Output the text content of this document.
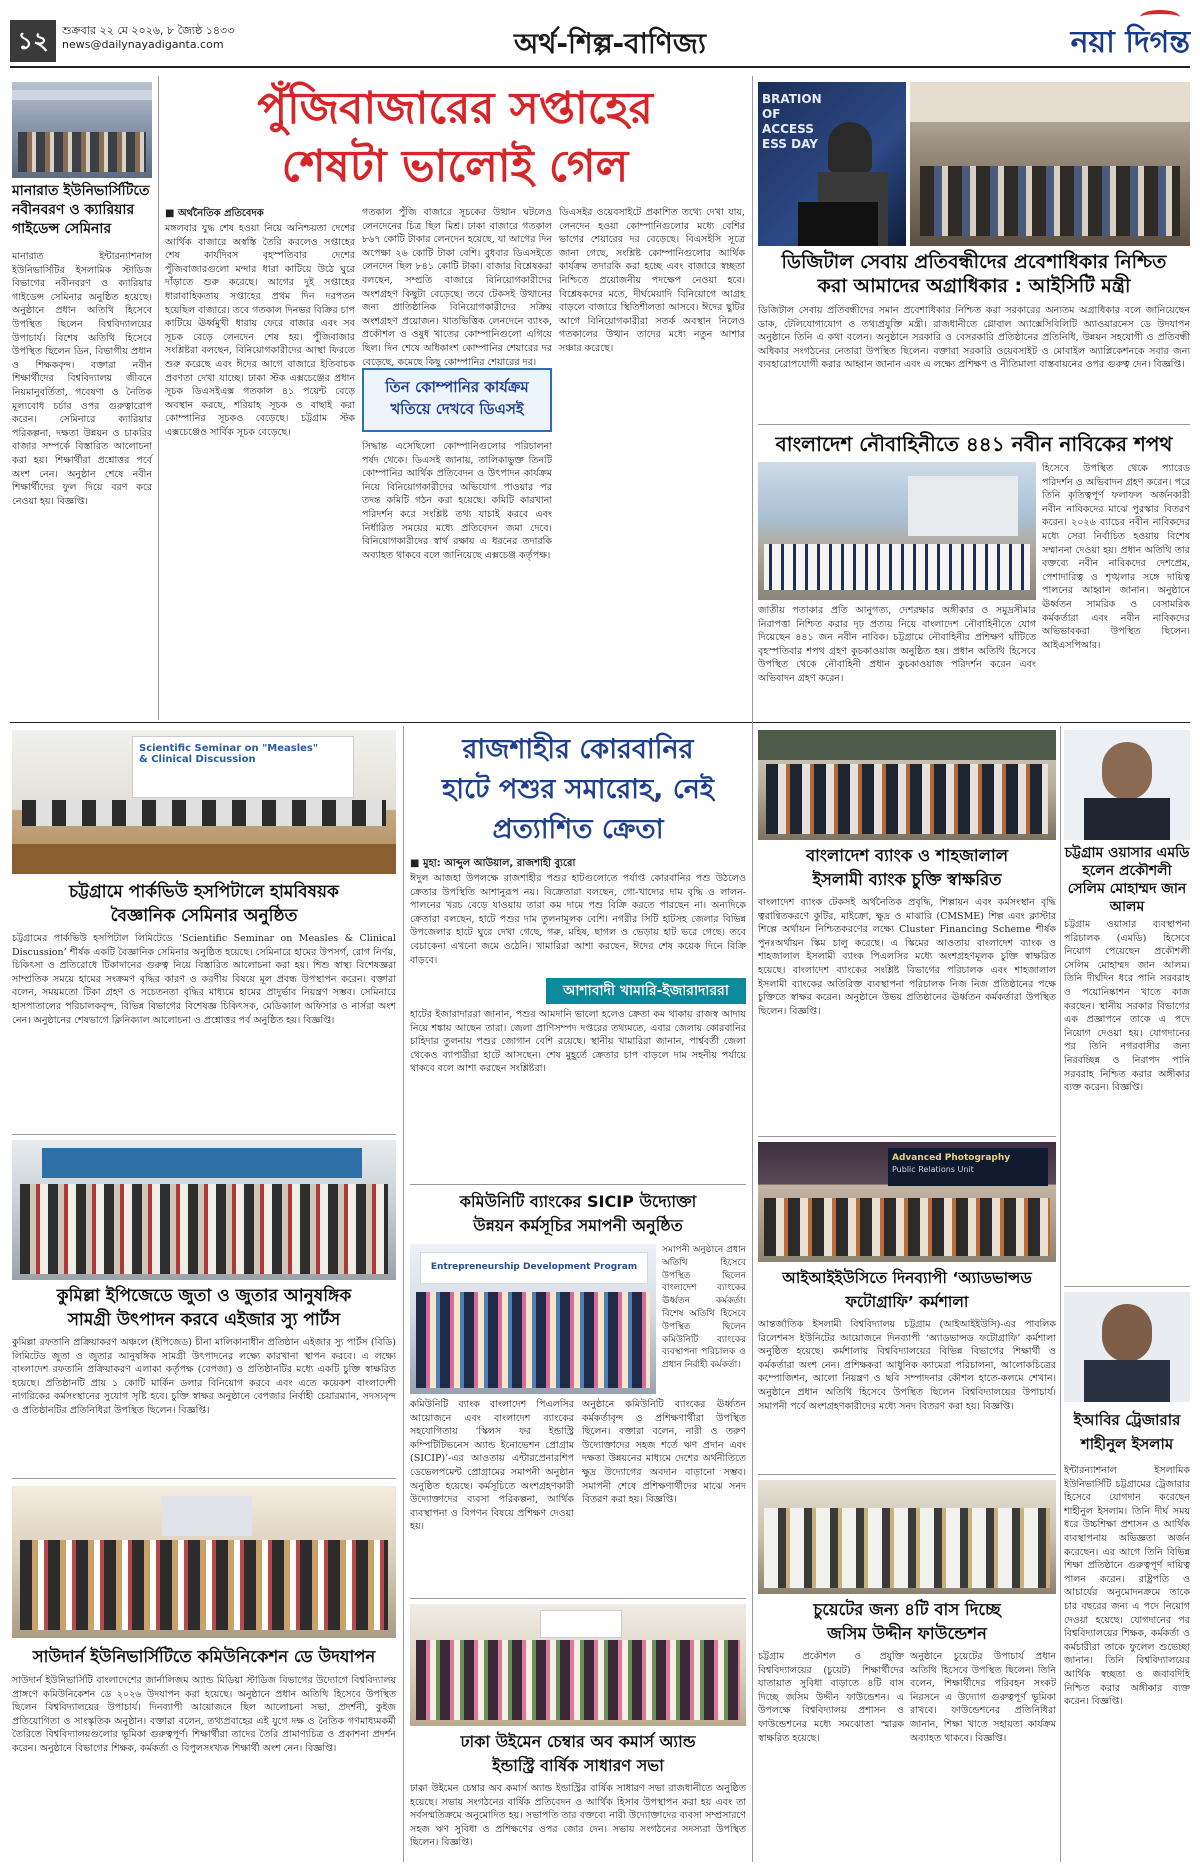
১২	শুক্রবার ২২ মে ২০২৬, ৮ জ্যৈষ্ঠ ১৪৩৩
news@dailynayadiganta.com	অর্থ-শিল্প-বাণিজ্য	নয়া দিগন্ত
মানারাত ইউনিভার্সিটিতে নবীনবরণ ও ক্যারিয়ার গাইডেন্স সেমিনার
মানারাত ইন্টারন্যাশনাল ইউনিভার্সিটির ইসলামিক স্টাডিজ বিভাগের নবীনবরণ ও ক্যারিয়ার গাইডেন্স সেমিনার অনুষ্ঠিত হয়েছে। অনুষ্ঠানে প্রধান অতিথি হিসেবে উপস্থিত ছিলেন বিশ্ববিদ্যালয়ের উপাচার্য। বিশেষ অতিথি হিসেবে উপস্থিত ছিলেন ডিন, বিভাগীয় প্রধান ও শিক্ষকবৃন্দ। বক্তারা নবীন শিক্ষার্থীদের বিশ্ববিদ্যালয় জীবনে নিয়মানুবর্তিতা, গবেষণা ও নৈতিক মূল্যবোধ চর্চার ওপর গুরুত্বারোপ করেন। সেমিনারে ক্যারিয়ার পরিকল্পনা, দক্ষতা উন্নয়ন ও চাকরির বাজার সম্পর্কে বিস্তারিত আলোচনা করা হয়। শিক্ষার্থীরা প্রশ্নোত্তর পর্বে অংশ নেন। অনুষ্ঠান শেষে নবীন শিক্ষার্থীদের ফুল দিয়ে বরণ করে নেওয়া হয়। বিজ্ঞপ্তি।
পুঁজিবাজারের সপ্তাহের
শেষটা ভালোই গেল
■ অর্থনৈতিক প্রতিবেদক
মঙ্গলবার যুদ্ধ শেষ হওয়া নিয়ে অনিশ্চয়তা দেশের আর্থিক বাজারে অস্বস্তি তৈরি করলেও সপ্তাহের শেষ কার্যদিবস বৃহস্পতিবার দেশের পুঁজিবাজারগুলো মন্দার ধারা কাটিয়ে উঠে ঘুরে দাঁড়াতে শুরু করেছে। আগের দুই সপ্তাহের ধারাবাহিকতায় সপ্তাহের প্রথম দিন দরপতন হয়েছিল বাজারে। তবে গতকাল দিনভর বিক্রির চাপ কাটিয়ে ঊর্ধ্বমুখী ধারায় ফেরে বাজার এবং সব সূচক বেড়ে লেনদেন শেষ হয়। পুঁজিবাজার সংশ্লিষ্টরা বলছেন, বিনিয়োগকারীদের আস্থা ফিরতে শুরু করেছে এবং ঈদের আগে বাজারে ইতিবাচক প্রবণতা দেখা যাচ্ছে। ঢাকা স্টক এক্সচেঞ্জের প্রধান সূচক ডিএসইএক্স গতকাল ৪১ পয়েন্ট বেড়ে অবস্থান করছে, শরিয়াহ সূচক ও বাছাই করা কোম্পানির সূচকও বেড়েছে। চট্টগ্রাম স্টক এক্সচেঞ্জেও সার্বিক সূচক বেড়েছে।
গতকাল পুঁজি বাজারে সূচকের উত্থান ঘটলেও লেনদেনের চিত্র ছিল মিশ্র। ঢাকা বাজারে গতকাল ৮৬৭ কোটি টাকার লেনদেন হয়েছে, যা আগের দিন অপেক্ষা ২৬ কোটি টাকা বেশি। বুধবার ডিএসইতে লেনদেন ছিল ৮৪১ কোটি টাকা। বাজার বিশ্লেষকরা বলছেন, সম্প্রতি বাজারে বিনিয়োগকারীদের অংশগ্রহণ কিছুটা বেড়েছে। তবে টেকসই উত্থানের জন্য প্রাতিষ্ঠানিক বিনিয়োগকারীদের সক্রিয় অংশগ্রহণ প্রয়োজন। খাতভিত্তিক লেনদেনে ব্যাংক, প্রকৌশল ও ওষুধ খাতের কোম্পানিগুলো এগিয়ে ছিল। দিন শেষে অধিকাংশ কোম্পানির শেয়ারের দর বেড়েছে, কমেছে কিছু কোম্পানির শেয়ারের দর।
ডিএসইর ওয়েবসাইটে প্রকাশিত তথ্যে দেখা যায়, লেনদেন হওয়া কোম্পানিগুলোর মধ্যে বেশির ভাগের শেয়ারের দর বেড়েছে। বিএসইসি সূত্রে জানা গেছে, সংশ্লিষ্ট কোম্পানিগুলোর আর্থিক কার্যক্রম তদারকি করা হচ্ছে এবং বাজারে স্বচ্ছতা নিশ্চিতে প্রয়োজনীয় পদক্ষেপ নেওয়া হবে। বিশ্লেষকদের মতে, দীর্ঘমেয়াদি বিনিয়োগে আগ্রহ বাড়লে বাজারে স্থিতিশীলতা আসবে। ঈদের ছুটির আগে বিনিয়োগকারীরা সতর্ক অবস্থান নিলেও গতকালের উত্থান তাদের মধ্যে নতুন আশার সঞ্চার করেছে।
তিন কোম্পানির কার্যক্রম
খতিয়ে দেখবে ডিএসই
সিদ্ধান্ত এসেছিলো কোম্পানিগুলোর পরিচালনা পর্ষদ থেকে। ডিএসই জানায়, তালিকাভুক্ত তিনটি কোম্পানির আর্থিক প্রতিবেদন ও উৎপাদন কার্যক্রম নিয়ে বিনিয়োগকারীদের অভিযোগ পাওয়ার পর তদন্ত কমিটি গঠন করা হয়েছে। কমিটি কারখানা পরিদর্শন করে সংশ্লিষ্ট তথ্য যাচাই করবে এবং নির্ধারিত সময়ের মধ্যে প্রতিবেদন জমা দেবে। বিনিয়োগকারীদের স্বার্থ রক্ষায় এ ধরনের তদারকি অব্যাহত থাকবে বলে জানিয়েছে এক্সচেঞ্জ কর্তৃপক্ষ।
BRATION OF ACCESS ESS DAY
ডিজিটাল সেবায় প্রতিবন্ধীদের প্রবেশাধিকার নিশ্চিত
করা আমাদের অগ্রাধিকার : আইসিটি মন্ত্রী
ডিজিটাল সেবায় প্রতিবন্ধীদের সমান প্রবেশাধিকার নিশ্চিত করা সরকারের অন্যতম অগ্রাধিকার বলে জানিয়েছেন ডাক, টেলিযোগাযোগ ও তথ্যপ্রযুক্তি মন্ত্রী। রাজধানীতে গ্লোবাল অ্যাক্সেসিবিলিটি অ্যাওয়ারনেস ডে উদযাপন অনুষ্ঠানে তিনি এ কথা বলেন। অনুষ্ঠানে সরকারি ও বেসরকারি প্রতিষ্ঠানের প্রতিনিধি, উন্নয়ন সহযোগী ও প্রতিবন্ধী অধিকার সংগঠনের নেতারা উপস্থিত ছিলেন। বক্তারা সরকারি ওয়েবসাইট ও মোবাইল অ্যাপ্লিকেশনকে সবার জন্য ব্যবহারোপযোগী করার আহ্বান জানান এবং এ লক্ষ্যে প্রশিক্ষণ ও নীতিমালা বাস্তবায়নের ওপর গুরুত্ব দেন। বিজ্ঞপ্তি।
বাংলাদেশ নৌবাহিনীতে ৪৪১ নবীন নাবিকের শপথ
হিসেবে উপস্থিত থেকে প্যারেড পরিদর্শন ও অভিবাদন গ্রহণ করেন। পরে তিনি কৃতিত্বপূর্ণ ফলাফল অর্জনকারী নবীন নাবিকদের মাঝে পুরস্কার বিতরণ করেন। ২০২৬ ব্যাচের নবীন নাবিকদের মধ্যে সেরা নির্বাচিত হওয়ায় বিশেষ সম্মাননা দেওয়া হয়। প্রধান অতিথি তার বক্তব্যে নবীন নাবিকদের দেশপ্রেম, পেশাদারিত্ব ও শৃঙ্খলার সঙ্গে দায়িত্ব পালনের আহ্বান জানান। অনুষ্ঠানে ঊর্ধ্বতন সামরিক ও বেসামরিক কর্মকর্তারা এবং নবীন নাবিকদের অভিভাবকরা উপস্থিত ছিলেন। আইএসপিআর।
জাতীয় পতাকার প্রতি আনুগত্য, দেশরক্ষার অঙ্গীকার ও সমুদ্রসীমার নিরাপত্তা নিশ্চিত করার দৃঢ় প্রত্যয় নিয়ে বাংলাদেশ নৌবাহিনীতে যোগ দিয়েছেন ৪৪১ জন নবীন নাবিক। চট্টগ্রামে নৌবাহিনীর প্রশিক্ষণ ঘাঁটিতে বৃহস্পতিবার শপথ গ্রহণ কুচকাওয়াজ অনুষ্ঠিত হয়। প্রধান অতিথি হিসেবে উপস্থিত থেকে নৌবাহিনী প্রধান কুচকাওয়াজ পরিদর্শন করেন এবং অভিবাদন গ্রহণ করেন।
Scientific Seminar on "Measles"
& Clinical Discussion
চট্টগ্রামে পার্কভিউ হসপিটালে হামবিষয়ক
বৈজ্ঞানিক সেমিনার অনুষ্ঠিত
চট্টগ্রামের পার্কভিউ হসপিটাল লিমিটেডে ‘Scientific Seminar on Measles & Clinical Discussion’ শীর্ষক একটি বৈজ্ঞানিক সেমিনার অনুষ্ঠিত হয়েছে। সেমিনারে হামের উপসর্গ, রোগ নির্ণয়, চিকিৎসা ও প্রতিরোধে টিকাদানের গুরুত্ব নিয়ে বিস্তারিত আলোচনা করা হয়। শিশু স্বাস্থ্য বিশেষজ্ঞরা সাম্প্রতিক সময়ে হামের সংক্রমণ বৃদ্ধির কারণ ও করণীয় বিষয়ে মূল প্রবন্ধ উপস্থাপন করেন। বক্তারা বলেন, সময়মতো টিকা গ্রহণ ও সচেতনতা বৃদ্ধির মাধ্যমে হামের প্রাদুর্ভাব নিয়ন্ত্রণ সম্ভব। সেমিনারে হাসপাতালের পরিচালকবৃন্দ, বিভিন্ন বিভাগের বিশেষজ্ঞ চিকিৎসক, মেডিক্যাল অফিসার ও নার্সরা অংশ নেন। অনুষ্ঠানের শেষভাগে ক্লিনিক্যাল আলোচনা ও প্রশ্নোত্তর পর্ব অনুষ্ঠিত হয়। বিজ্ঞপ্তি।
কুমিল্লা ইপিজেডে জুতা ও জুতার আনুষঙ্গিক
সামগ্রী উৎপাদন করবে এইজার স্যু পার্টস
কুমিল্লা রফতানি প্রক্রিয়াকরণ অঞ্চলে (ইপিজেড) চীনা মালিকানাধীন প্রতিষ্ঠান এইজার স্যু পার্টস (বিডি) লিমিটেড জুতা ও জুতার আনুষঙ্গিক সামগ্রী উৎপাদনের লক্ষ্যে কারখানা স্থাপন করবে। এ লক্ষ্যে বাংলাদেশ রফতানি প্রক্রিয়াকরণ এলাকা কর্তৃপক্ষ (বেপজা) ও প্রতিষ্ঠানটির মধ্যে একটি চুক্তি স্বাক্ষরিত হয়েছে। প্রতিষ্ঠানটি প্রায় ১ কোটি মার্কিন ডলার বিনিয়োগ করবে এবং এতে কয়েকশ বাংলাদেশী নাগরিকের কর্মসংস্থানের সুযোগ সৃষ্টি হবে। চুক্তি স্বাক্ষর অনুষ্ঠানে বেপজার নির্বাহী চেয়ারম্যান, সদস্যবৃন্দ ও প্রতিষ্ঠানটির প্রতিনিধিরা উপস্থিত ছিলেন। বিজ্ঞপ্তি।
সাউদার্ন ইউনিভার্সিটিতে কমিউনিকেশন ডে উদযাপন
সাউদার্ন ইউনিভার্সিটি বাংলাদেশের জার্নালিজম অ্যান্ড মিডিয়া স্টাডিজ বিভাগের উদ্যোগে বিশ্ববিদ্যালয় প্রাঙ্গণে কমিউনিকেশন ডে ২০২৬ উদযাপন করা হয়েছে। অনুষ্ঠানে প্রধান অতিথি হিসেবে উপস্থিত ছিলেন বিশ্ববিদ্যালয়ের উপাচার্য। দিনব্যাপী আয়োজনে ছিল আলোচনা সভা, প্রদর্শনী, কুইজ প্রতিযোগিতা ও সাংস্কৃতিক অনুষ্ঠান। বক্তারা বলেন, তথ্যপ্রবাহের এই যুগে দক্ষ ও নৈতিক গণমাধ্যমকর্মী তৈরিতে বিশ্ববিদ্যালয়গুলোর ভূমিকা গুরুত্বপূর্ণ। শিক্ষার্থীরা তাদের তৈরি প্রামাণ্যচিত্র ও প্রকাশনা প্রদর্শন করেন। অনুষ্ঠানে বিভাগের শিক্ষক, কর্মকর্তা ও বিপুলসংখ্যক শিক্ষার্থী অংশ নেন। বিজ্ঞপ্তি।
রাজশাহীর কোরবানির
হাটে পশুর সমারোহ, নেই
প্রত্যাশিত ক্রেতা
■ মুহা: আব্দুল আউয়াল, রাজশাহী ব্যুরো
ঈদুল আজহা উপলক্ষে রাজশাহীর পশুর হাটগুলোতে পর্যাপ্ত কোরবানির পশু উঠলেও ক্রেতার উপস্থিতি আশানুরূপ নয়। বিক্রেতারা বলছেন, গো-খাদ্যের দাম বৃদ্ধি ও লালন-পালনের খরচ বেড়ে যাওয়ায় তারা কম দামে পশু বিক্রি করতে পারছেন না। অন্যদিকে ক্রেতারা বলছেন, হাটে পশুর দাম তুলনামূলক বেশি। নগরীর সিটি হাটসহ জেলার বিভিন্ন উপজেলার হাটে ঘুরে দেখা গেছে, গরু, মহিষ, ছাগল ও ভেড়ায় হাট ভরে গেছে। তবে বেচাকেনা এখনো জমে ওঠেনি। খামারিরা আশা করছেন, ঈদের শেষ কয়েক দিনে বিক্রি বাড়বে।
আশাবাদী খামারি-ইজারাদাররা
হাটের ইজারাদাররা জানান, পশুর আমদানি ভালো হলেও ক্রেতা কম থাকায় রাজস্ব আদায় নিয়ে শঙ্কায় আছেন তারা। জেলা প্রাণিসম্পদ দপ্তরের তথ্যমতে, এবার জেলায় কোরবানির চাহিদার তুলনায় পশুর জোগান বেশি রয়েছে। স্থানীয় খামারিরা জানান, পার্শ্ববর্তী জেলা থেকেও ব্যাপারীরা হাটে আসছেন। শেষ মুহূর্তে ক্রেতার চাপ বাড়লে দাম সহনীয় পর্যায়ে থাকবে বলে আশা করছেন সংশ্লিষ্টরা।
কমিউনিটি ব্যাংকের SICIP উদ্যোক্তা
উন্নয়ন কর্মসূচির সমাপনী অনুষ্ঠিত
Entrepreneurship Development Program
সমাপনী অনুষ্ঠানে প্রধান অতিথি হিসেবে উপস্থিত ছিলেন বাংলাদেশ ব্যাংকের ঊর্ধ্বতন কর্মকর্তা। বিশেষ অতিথি হিসেবে উপস্থিত ছিলেন কমিউনিটি ব্যাংকের ব্যবস্থাপনা পরিচালক ও প্রধান নির্বাহী কর্মকর্তা।
কমিউনিটি ব্যাংক বাংলাদেশ পিএলসির আয়োজনে এবং বাংলাদেশ ব্যাংকের সহযোগিতায় ‘স্কিলস ফর ইন্ডাস্ট্রি কম্পিটিটিভনেস অ্যান্ড ইনোভেশন প্রোগ্রাম (SICIP)’-এর আওতায় এন্টারপ্রেনারশিপ ডেভেলপমেন্ট প্রোগ্রামের সমাপনী অনুষ্ঠান অনুষ্ঠিত হয়েছে। কর্মসূচিতে অংশগ্রহণকারী উদ্যোক্তাদের ব্যবসা পরিকল্পনা, আর্থিক ব্যবস্থাপনা ও বিপণন বিষয়ে প্রশিক্ষণ দেওয়া হয়।
অনুষ্ঠানে কমিউনিটি ব্যাংকের ঊর্ধ্বতন কর্মকর্তাবৃন্দ ও প্রশিক্ষণার্থীরা উপস্থিত ছিলেন। বক্তারা বলেন, নারী ও তরুণ উদ্যোক্তাদের সহজ শর্তে ঋণ প্রদান এবং দক্ষতা উন্নয়নের মাধ্যমে দেশের অর্থনীতিতে ক্ষুদ্র উদ্যোগের অবদান বাড়ানো সম্ভব। সমাপনী শেষে প্রশিক্ষণার্থীদের মাঝে সনদ বিতরণ করা হয়। বিজ্ঞপ্তি।
ঢাকা উইমেন চেম্বার অব কমার্স অ্যান্ড
ইন্ডাস্ট্রি বার্ষিক সাধারণ সভা
ঢাকা উইমেন চেম্বার অব কমার্স অ্যান্ড ইন্ডাস্ট্রির বার্ষিক সাধারণ সভা রাজধানীতে অনুষ্ঠিত হয়েছে। সভায় সংগঠনের বার্ষিক প্রতিবেদন ও আর্থিক হিসাব উপস্থাপন করা হয় এবং তা সর্বসম্মতিক্রমে অনুমোদিত হয়। সভাপতি তার বক্তব্যে নারী উদ্যোক্তাদের ব্যবসা সম্প্রসারণে সহজ ঋণ সুবিধা ও প্রশিক্ষণের ওপর জোর দেন। সভায় সংগঠনের সদস্যরা উপস্থিত ছিলেন। বিজ্ঞপ্তি।
বাংলাদেশ ব্যাংক ও শাহজালাল
ইসলামী ব্যাংক চুক্তি স্বাক্ষরিত
বাংলাদেশ ব্যাংক টেকসই অর্থনৈতিক প্রবৃদ্ধি, শিল্পায়ন এবং কর্মসংস্থান বৃদ্ধি ত্বরান্বিতকরণে কুটির, মাইক্রো, ক্ষুদ্র ও মাঝারি (CMSME) শিল্প এবং ক্লাস্টার শিল্পে অর্থায়ন নিশ্চিতকরণের লক্ষ্যে Cluster Financing Scheme শীর্ষক পুনঃঅর্থায়ন স্কিম চালু করেছে। এ স্কিমের আওতায় বাংলাদেশ ব্যাংক ও শাহজালাল ইসলামী ব্যাংক পিএলসির মধ্যে অংশগ্রহণমূলক চুক্তি স্বাক্ষরিত হয়েছে। বাংলাদেশ ব্যাংকের সংশ্লিষ্ট বিভাগের পরিচালক এবং শাহজালাল ইসলামী ব্যাংকের অতিরিক্ত ব্যবস্থাপনা পরিচালক নিজ নিজ প্রতিষ্ঠানের পক্ষে চুক্তিতে স্বাক্ষর করেন। অনুষ্ঠানে উভয় প্রতিষ্ঠানের ঊর্ধ্বতন কর্মকর্তারা উপস্থিত ছিলেন। বিজ্ঞপ্তি।
চট্টগ্রাম ওয়াসার এমডি হলেন প্রকৌশলী সেলিম মোহাম্মদ জান আলম
চট্টগ্রাম ওয়াসার ব্যবস্থাপনা পরিচালক (এমডি) হিসেবে নিয়োগ পেয়েছেন প্রকৌশলী সেলিম মোহাম্মদ জান আলম। তিনি দীর্ঘদিন ধরে পানি সরবরাহ ও পয়োনিষ্কাশন খাতে কাজ করছেন। স্থানীয় সরকার বিভাগের এক প্রজ্ঞাপনে তাকে এ পদে নিয়োগ দেওয়া হয়। যোগদানের পর তিনি নগরবাসীর জন্য নিরবচ্ছিন্ন ও নিরাপদ পানি সরবরাহ নিশ্চিত করার অঙ্গীকার ব্যক্ত করেন। বিজ্ঞপ্তি।
Advanced Photography
Public Relations Unit
আইআইইউসিতে দিনব্যাপী ‘অ্যাডভান্সড
ফটোগ্রাফি’ কর্মশালা
আন্তর্জাতিক ইসলামী বিশ্ববিদ্যালয় চট্টগ্রাম (আইআইইউসি)-এর পাবলিক রিলেশনস ইউনিটের আয়োজনে দিনব্যাপী ‘অ্যাডভান্সড ফটোগ্রাফি’ কর্মশালা অনুষ্ঠিত হয়েছে। কর্মশালায় বিশ্ববিদ্যালয়ের বিভিন্ন বিভাগের শিক্ষার্থী ও কর্মকর্তারা অংশ নেন। প্রশিক্ষকরা আধুনিক ক্যামেরা পরিচালনা, আলোকচিত্রের কম্পোজিশন, আলো নিয়ন্ত্রণ ও ছবি সম্পাদনার কৌশল হাতে-কলমে শেখান। অনুষ্ঠানে প্রধান অতিথি হিসেবে উপস্থিত ছিলেন বিশ্ববিদ্যালয়ের উপাচার্য। সমাপনী পর্বে অংশগ্রহণকারীদের মধ্যে সনদ বিতরণ করা হয়। বিজ্ঞপ্তি।
চুয়েটের জন্য ৪টি বাস দিচ্ছে
জসিম উদ্দীন ফাউন্ডেশন
চট্টগ্রাম প্রকৌশল ও প্রযুক্তি বিশ্ববিদ্যালয়ের (চুয়েট) শিক্ষার্থীদের যাতায়াত সুবিধা বাড়াতে ৪টি বাস দিচ্ছে জসিম উদ্দীন ফাউন্ডেশন। এ উপলক্ষে বিশ্ববিদ্যালয় প্রশাসন ও ফাউন্ডেশনের মধ্যে সমঝোতা স্মারক স্বাক্ষরিত হয়েছে।
অনুষ্ঠানে চুয়েটের উপাচার্য প্রধান অতিথি হিসেবে উপস্থিত ছিলেন। তিনি বলেন, শিক্ষার্থীদের পরিবহন সংকট নিরসনে এ উদ্যোগ গুরুত্বপূর্ণ ভূমিকা রাখবে। ফাউন্ডেশনের প্রতিনিধিরা জানান, শিক্ষা খাতে সহায়তা কার্যক্রম অব্যাহত থাকবে। বিজ্ঞপ্তি।
ইআবির ট্রেজারার শাহীনুল ইসলাম
ইন্টারন্যাশনাল ইসলামিক ইউনিভার্সিটি চট্টগ্রামের ট্রেজারার হিসেবে যোগদান করেছেন শাহীনুল ইসলাম। তিনি দীর্ঘ সময় ধরে উচ্চশিক্ষা প্রশাসন ও আর্থিক ব্যবস্থাপনায় অভিজ্ঞতা অর্জন করেছেন। এর আগে তিনি বিভিন্ন শিক্ষা প্রতিষ্ঠানে গুরুত্বপূর্ণ দায়িত্ব পালন করেন। রাষ্ট্রপতি ও আচার্যের অনুমোদনক্রমে তাকে চার বছরের জন্য এ পদে নিয়োগ দেওয়া হয়েছে। যোগদানের পর বিশ্ববিদ্যালয়ের শিক্ষক, কর্মকর্তা ও কর্মচারীরা তাকে ফুলেল শুভেচ্ছা জানান। তিনি বিশ্ববিদ্যালয়ের আর্থিক স্বচ্ছতা ও জবাবদিহি নিশ্চিত করার অঙ্গীকার ব্যক্ত করেন। বিজ্ঞপ্তি।
